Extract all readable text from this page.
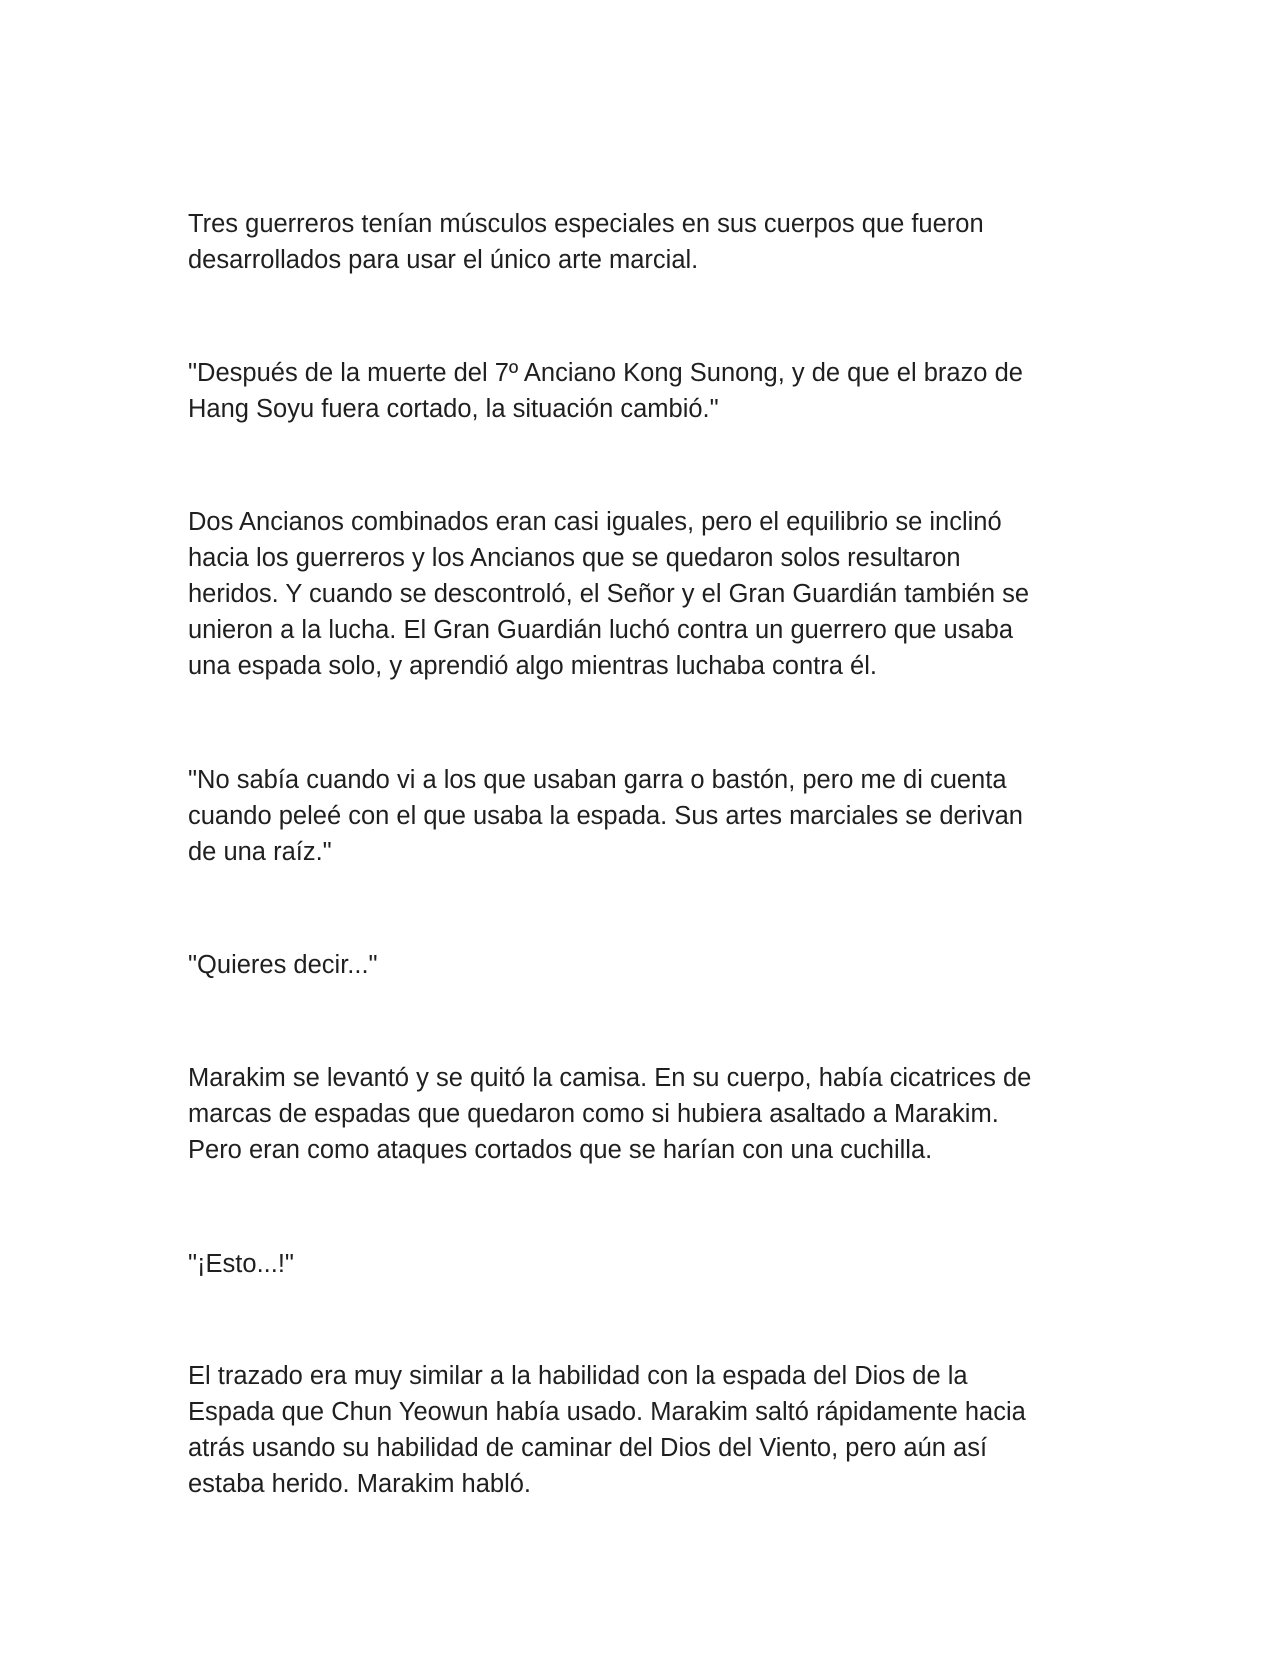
Tres guerreros tenían músculos especiales en sus cuerpos que fueron
desarrollados para usar el único arte marcial.

"Después de la muerte del 7º Anciano Kong Sunong, y de que el brazo de
Hang Soyu fuera cortado, la situación cambió."

Dos Ancianos combinados eran casi iguales, pero el equilibrio se inclinó
hacia los guerreros y los Ancianos que se quedaron solos resultaron
heridos. Y cuando se descontroló, el Señor y el Gran Guardián también se
unieron a la lucha. El Gran Guardián luchó contra un guerrero que usaba
una espada solo, y aprendió algo mientras luchaba contra él.

"No sabía cuando vi a los que usaban garra o bastón, pero me di cuenta
cuando peleé con el que usaba la espada. Sus artes marciales se derivan
de una raíz."

"Quieres decir..."

Marakim se levantó y se quitó la camisa. En su cuerpo, había cicatrices de
marcas de espadas que quedaron como si hubiera asaltado a Marakim.
Pero eran como ataques cortados que se harían con una cuchilla.

"¡Esto...!"

El trazado era muy similar a la habilidad con la espada del Dios de la
Espada que Chun Yeowun había usado. Marakim saltó rápidamente hacia
atrás usando su habilidad de caminar del Dios del Viento, pero aún así
estaba herido. Marakim habló.
